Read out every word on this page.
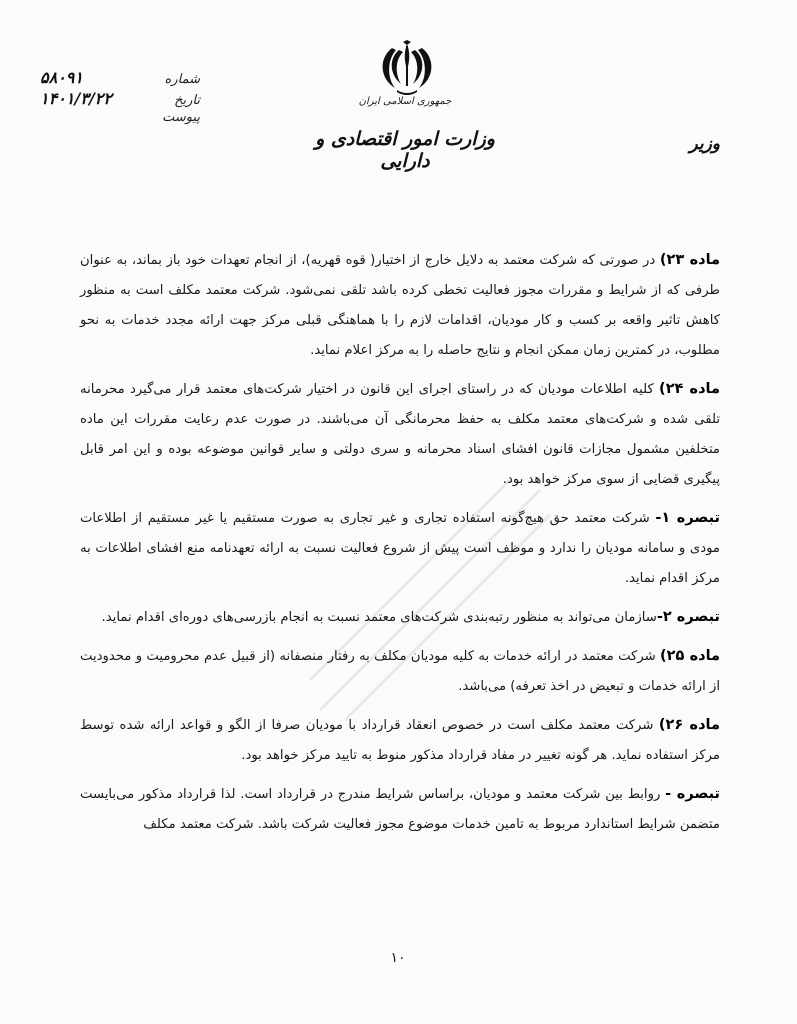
جمهوری اسلامی ایران
وزارت امور اقتصادی و دارایی
وزیر
شماره
۵۸۰۹۱
تاریخ
۱۴۰۱/۳/۲۲
پیوست

ماده ۲۳) در صورتی که شرکت معتمد به دلایل خارج از اختیار( قوه قهریه)، از انجام تعهدات خود باز بماند، به عنوان طرفی که از شرایط و مقررات مجوز فعالیت تخطی کرده باشد تلقی نمی‌شود. شرکت معتمد مکلف است به منظور کاهش تاثیر واقعه بر کسب و کار مودیان، اقدامات لازم را با هماهنگی قبلی مرکز جهت ارائه مجدد خدمات به نحو مطلوب، در کمترین زمان ممکن انجام و نتایج حاصله را به مرکز اعلام نماید.

ماده ۲۴) کلیه اطلاعات مودیان که در راستای اجرای این قانون در اختیار شرکت‌های معتمد قرار می‌گیرد محرمانه تلقی شده و شرکت‌های معتمد مکلف به حفظ محرمانگی آن می‌باشند. در صورت عدم رعایت مقررات این ماده متخلفین مشمول مجازات قانون افشای اسناد محرمانه و سری دولتی و سایر قوانین موضوعه بوده و این امر قابل پیگیری قضایی از سوی مرکز خواهد بود.

تبصره ۱- شرکت معتمد حق هیچ‌گونه استفاده تجاری و غیر تجاری به صورت مستقیم یا غیر مستقیم از اطلاعات مودی و سامانه مودیان را ندارد و موظف است پیش از شروع فعالیت نسبت به ارائه تعهدنامه منع افشای اطلاعات به مرکز اقدام نماید.

تبصره ۲-سازمان می‌تواند به منظور رتبه‌بندی شرکت‌های معتمد نسبت به انجام بازرسی‌های دوره‌ای اقدام نماید.

ماده ۲۵) شرکت معتمد در ارائه خدمات به کلیه مودیان مکلف به رفتار منصفانه (از قبیل عدم محرومیت و محدودیت از ارائه خدمات و تبعیض در اخذ تعرفه) می‌باشد.

ماده ۲۶) شرکت معتمد مکلف است در خصوص انعقاد قرارداد با مودیان صرفا از الگو و قواعد ارائه شده توسط مرکز استفاده نماید. هر گونه تغییر در مفاد قرارداد مذکور منوط به تایید مرکز خواهد بود.

تبصره - روابط بین شرکت معتمد و مودیان، براساس شرایط مندرج در قرارداد است. لذا قرارداد مذکور می‌بایست متضمن شرایط استاندارد مربوط به تامین خدمات موضوع مجوز فعالیت شرکت باشد. شرکت معتمد مکلف

۱۰
